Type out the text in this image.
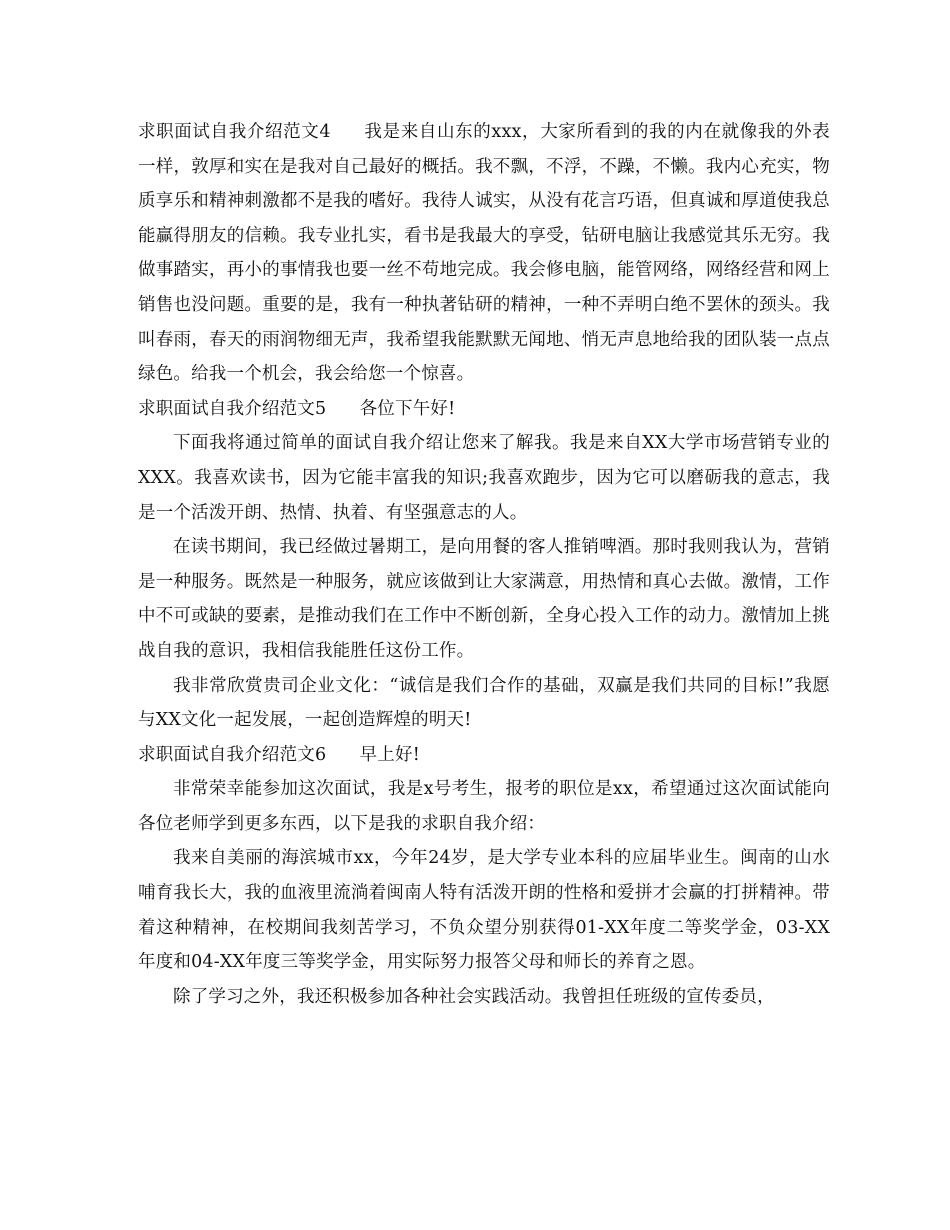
求职面试自我介绍范文4 我是来自山东的xxx，大家所看到的我的内在就像我的外表一样，敦厚和实在是我对自己最好的概括。我不飘，不浮，不躁，不懒。我内心充实，物质享乐和精神刺激都不是我的嗜好。我待人诚实，从没有花言巧语，但真诚和厚道使我总能赢得朋友的信赖。我专业扎实，看书是我最大的享受，钻研电脑让我感觉其乐无穷。我做事踏实，再小的事情我也要一丝不苟地完成。我会修电脑，能管网络，网络经营和网上销售也没问题。重要的是，我有一种执著钻研的精神，一种不弄明白绝不罢休的颈头。我叫春雨，春天的雨润物细无声，我希望我能默默无闻地、悄无声息地给我的团队装一点点绿色。给我一个机会，我会给您一个惊喜。

求职面试自我介绍范文5 各位下午好!

下面我将通过简单的面试自我介绍让您来了解我。我是来自XX大学市场营销专业的XXX。我喜欢读书，因为它能丰富我的知识;我喜欢跑步，因为它可以磨砺我的意志，我是一个活泼开朗、热情、执着、有坚强意志的人。

在读书期间，我已经做过暑期工，是向用餐的客人推销啤酒。那时我则我认为，营销是一种服务。既然是一种服务，就应该做到让大家满意，用热情和真心去做。激情，工作中不可或缺的要素，是推动我们在工作中不断创新，全身心投入工作的动力。激情加上挑战自我的意识，我相信我能胜任这份工作。

我非常欣赏贵司企业文化：“诚信是我们合作的基础，双赢是我们共同的目标!”我愿与XX文化一起发展，一起创造辉煌的明天!

求职面试自我介绍范文6 早上好!

非常荣幸能参加这次面试，我是x号考生，报考的职位是xx，希望通过这次面试能向各位老师学到更多东西，以下是我的求职自我介绍：

我来自美丽的海滨城市xx，今年24岁，是大学专业本科的应届毕业生。闽南的山水哺育我长大，我的血液里流淌着闽南人特有活泼开朗的性格和爱拼才会赢的打拼精神。带着这种精神，在校期间我刻苦学习，不负众望分别获得01-XX年度二等奖学金，03-XX年度和04-XX年度三等奖学金，用实际努力报答父母和师长的养育之恩。

除了学习之外，我还积极参加各种社会实践活动。我曾担任班级的宣传委员，
